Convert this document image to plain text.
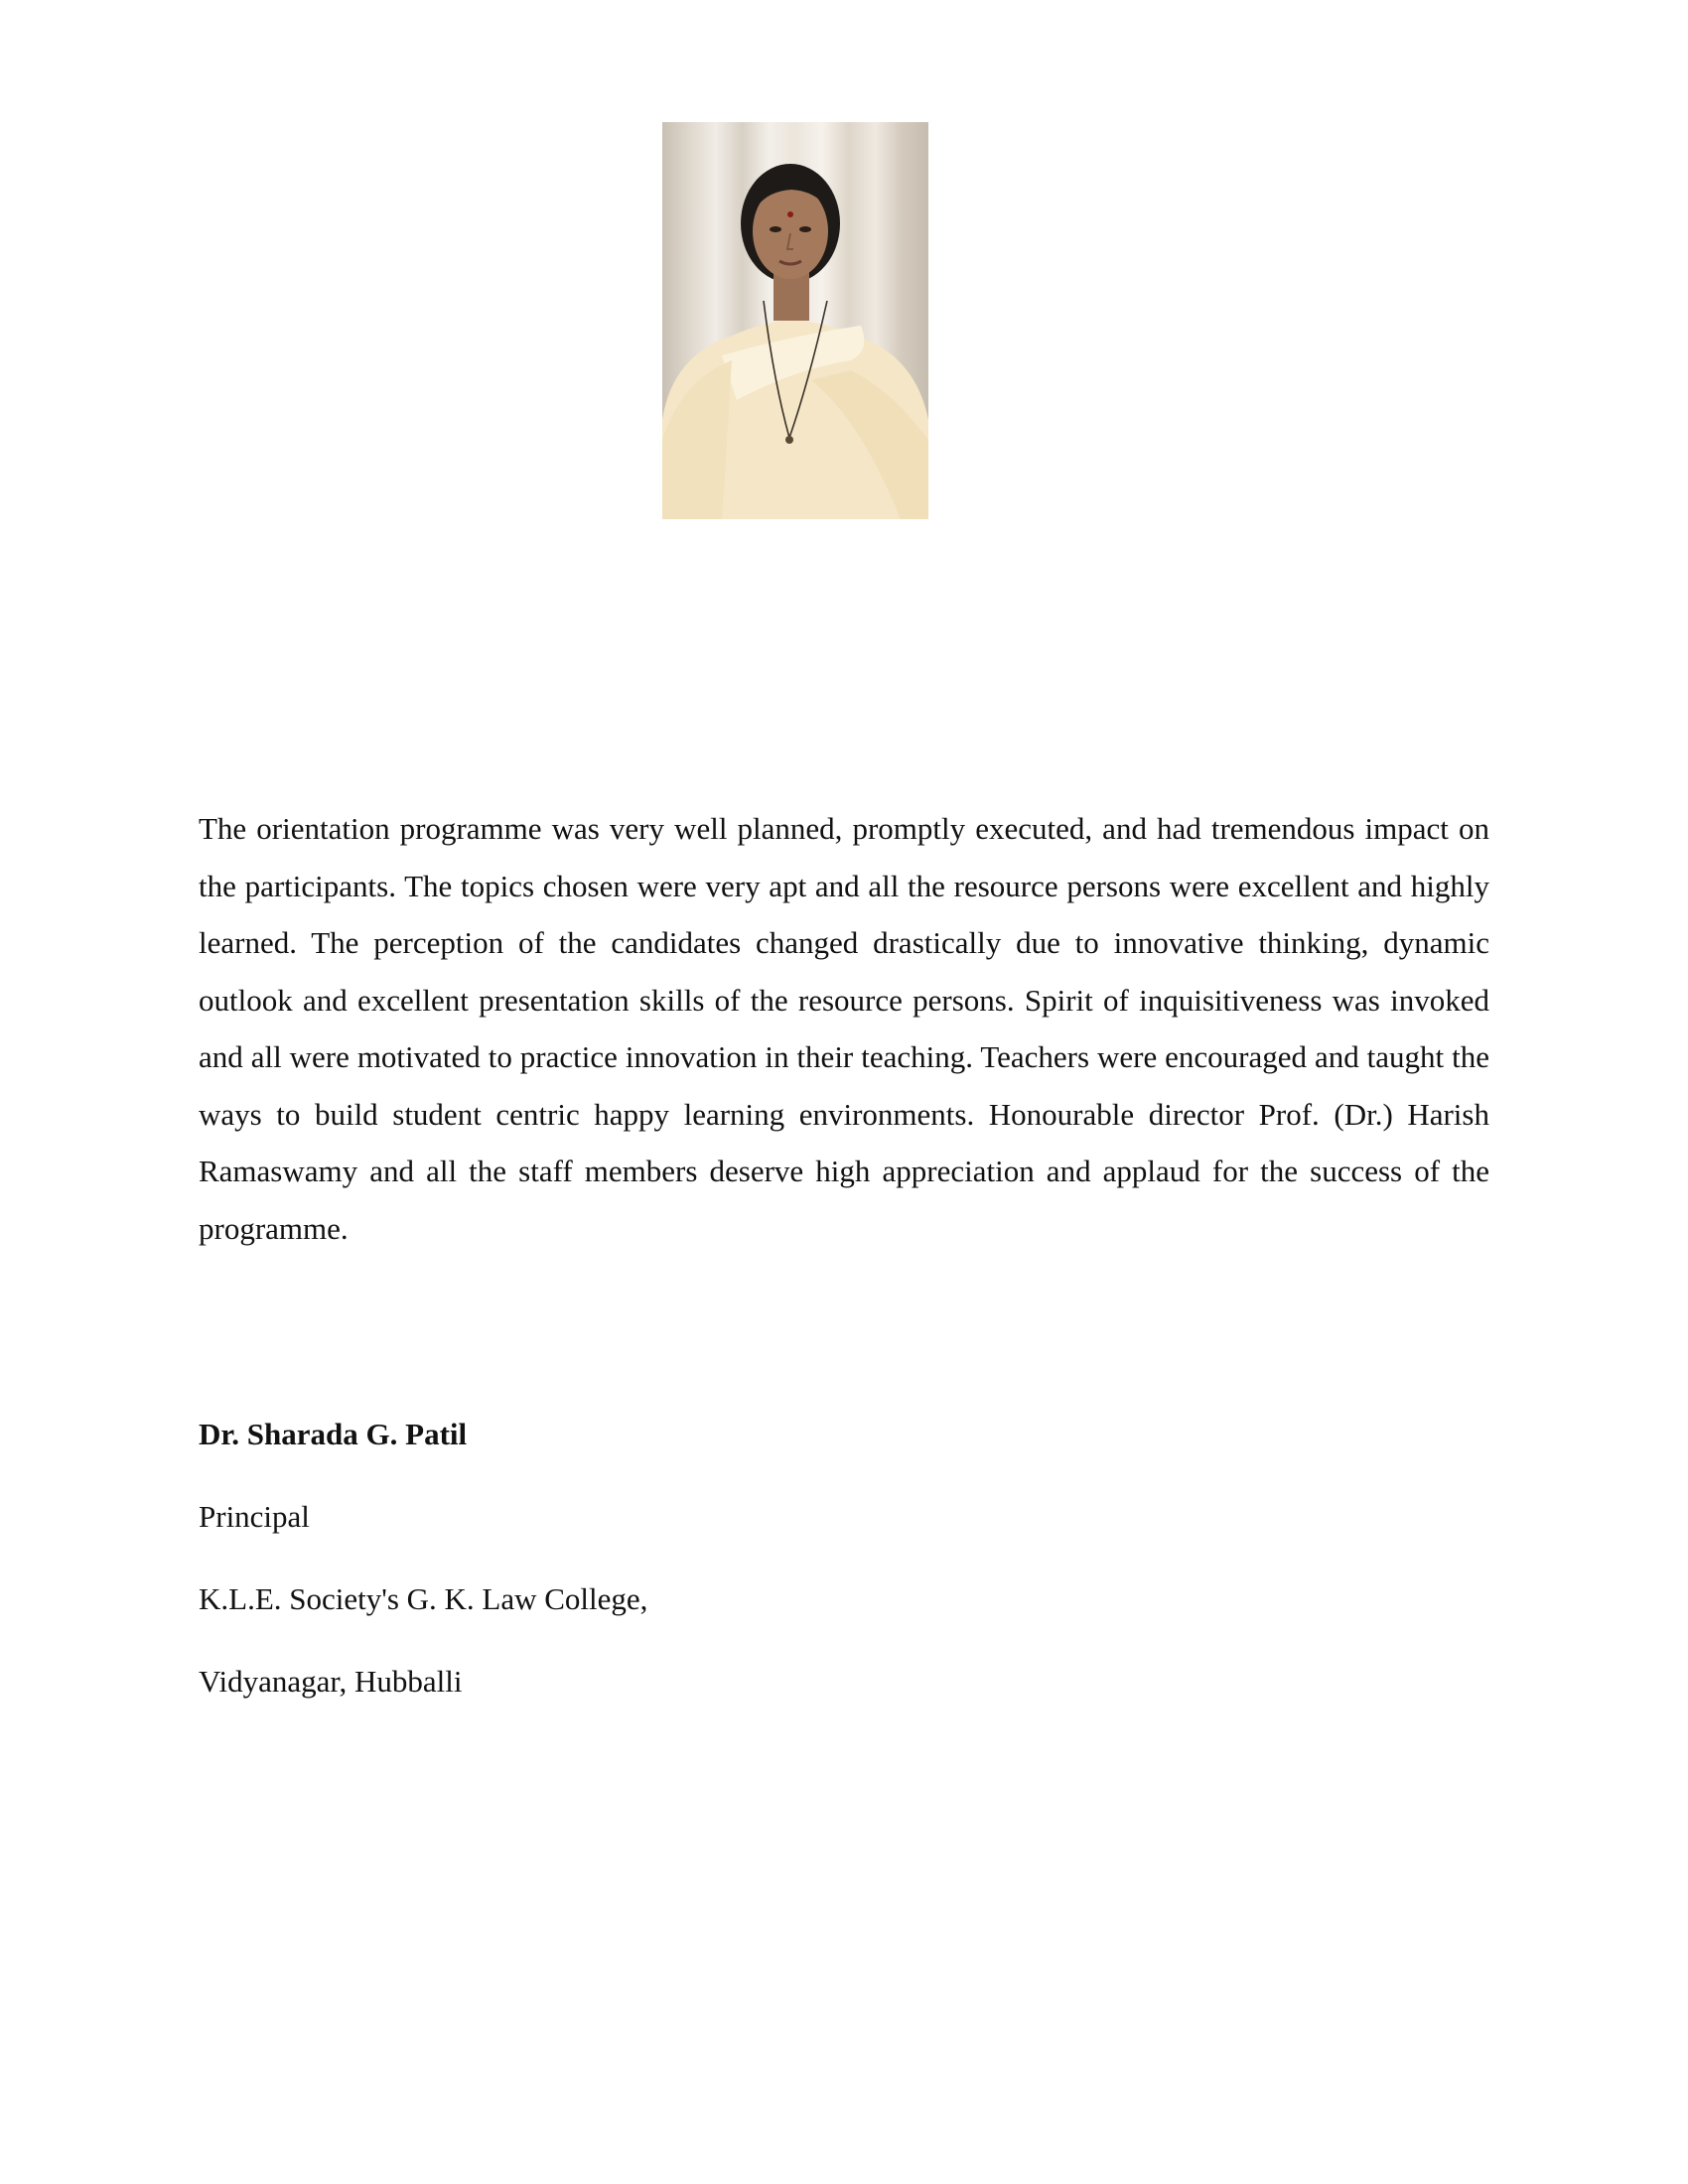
The orientation programme was very well planned, promptly executed, and had tremendous impact on the participants. The topics chosen were very apt and all the resource persons were excellent and highly learned. The perception of the candidates changed drastically due to innovative thinking, dynamic outlook and excellent presentation skills of the resource persons. Spirit of inquisitiveness was invoked and all were motivated to practice innovation in their teaching. Teachers were encouraged and taught the ways to build student centric happy learning environments. Honourable director Prof. (Dr.) Harish Ramaswamy and all the staff members deserve high appreciation and applaud for the success of the programme.

Dr. Sharada G. Patil

Principal

K.L.E. Society's G. K. Law College,

Vidyanagar, Hubballi
